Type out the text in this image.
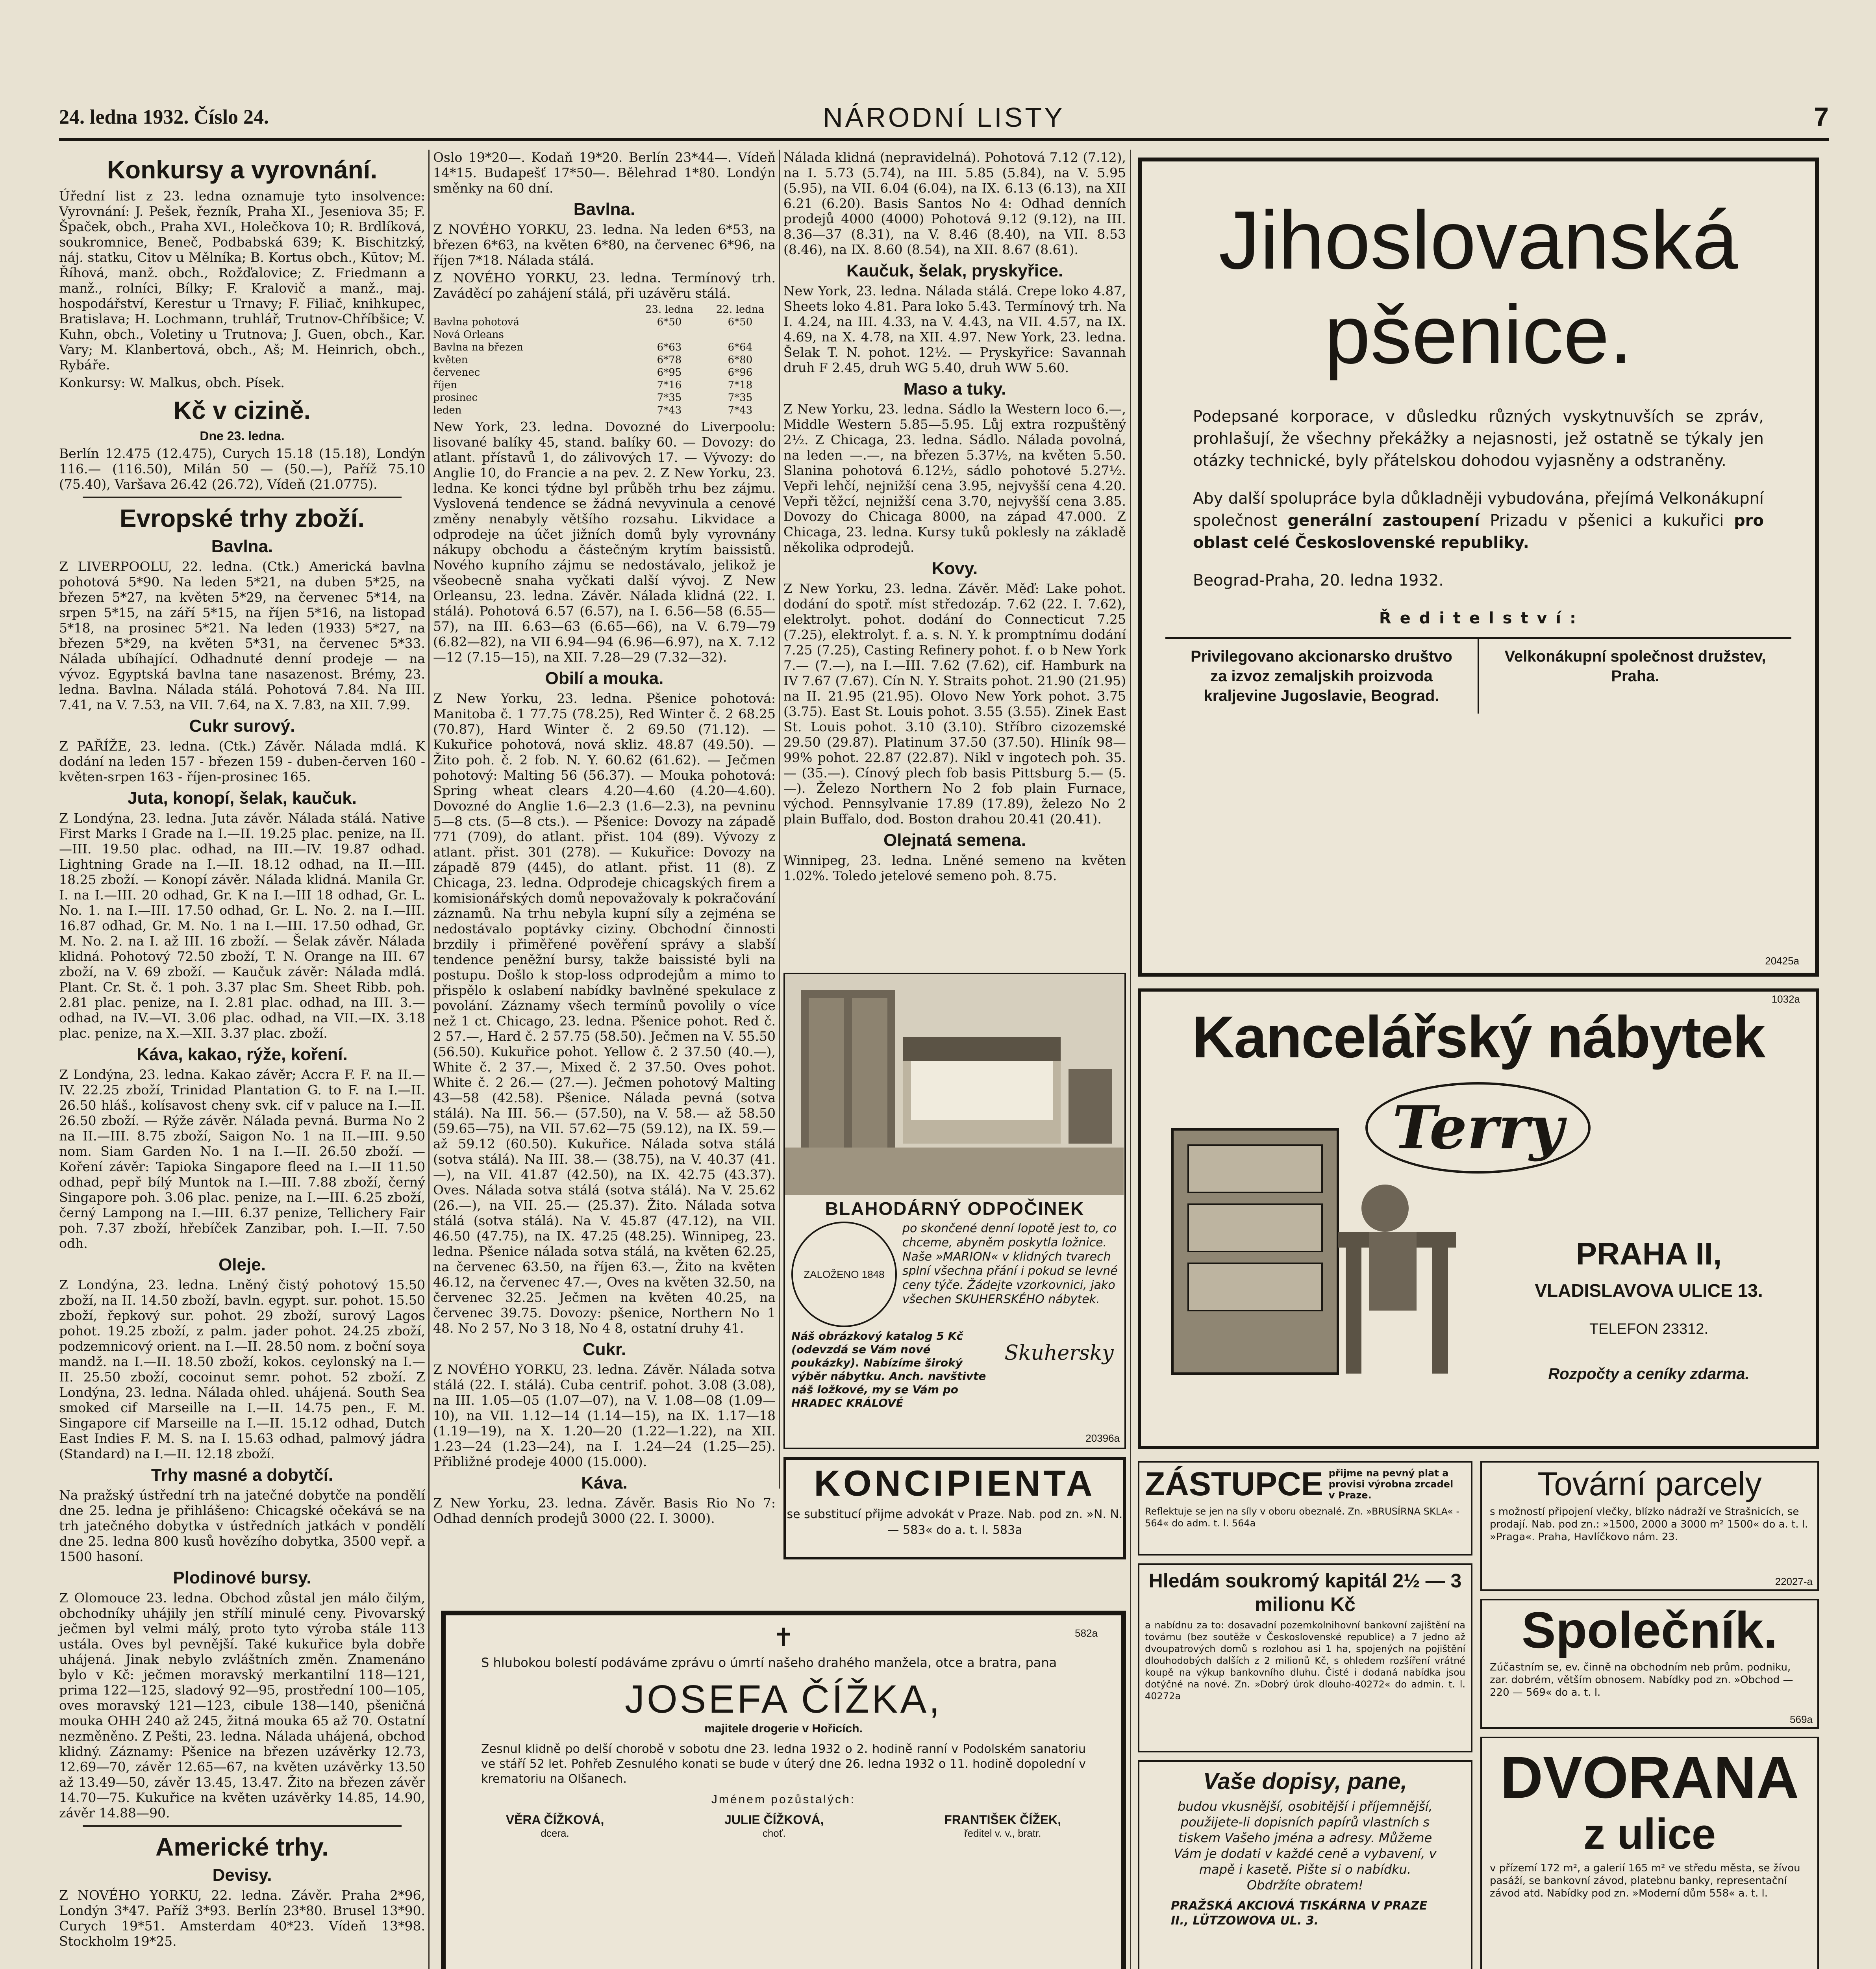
24. ledna 1932. Číslo 24.	NÁRODNÍ LISTY	7
Konkursy a vyrovnání.

Úřední list z 23. ledna oznamuje tyto insolvence: Vyrovnání: J. Pešek, řezník, Praha XI., Jeseniova 35; F. Špaček, obch., Praha XVI., Holečkova 10; R. Brdlíková, soukromnice, Beneč, Podbabská 639; K. Bischitzký, náj. statku, Citov u Mělníka; B. Kortus obch., Kūtov; M. Říhová, manž. obch., Rožďalovice; Z. Friedmann a manž., rolníci, Bílky; F. Kralovič a manž., maj. hospodářství, Kerestur u Trnavy; F. Filiač, knihkupec, Bratislava; H. Lochmann, truhlář, Trutnov-Chříbšice; V. Kuhn, obch., Voletiny u Trutnova; J. Guen, obch., Kar. Vary; M. Klanbertová, obch., Aš; M. Heinrich, obch., Rybáře.

Konkursy: W. Malkus, obch. Písek.

Kč v cizině.
Dne 23. ledna.

Berlín 12.475 (12.475), Curych 15.18 (15.18), Londýn 116.— (116.50), Milán 50 — (50.—), Paříž 75.10 (75.40), Varšava 26.42 (26.72), Vídeň (21.0775).

Evropské trhy zboží.
Bavlna.

Z LIVERPOOLU, 22. ledna. (Ctk.) Americká bavlna pohotová 5*90. Na leden 5*21, na duben 5*25, na březen 5*27, na květen 5*29, na červenec 5*14, na srpen 5*15, na září 5*15, na říjen 5*16, na listopad 5*18, na prosinec 5*21. Na leden (1933) 5*27, na březen 5*29, na květen 5*31, na červenec 5*33. Nálada ubíhající. Odhadnuté denní prodeje — na vývoz. Egyptská bavlna tane nasazenost. Brémy, 23. ledna. Bavlna. Nálada stálá. Pohotová 7.84. Na III. 7.41, na V. 7.53, na VII. 7.64, na X. 7.83, na XII. 7.99.

Cukr surový.

Z PAŘÍŽE, 23. ledna. (Ctk.) Závěr. Nálada mdlá. K dodání na leden 157 - březen 159 - duben-červen 160 - květen-srpen 163 - říjen-prosinec 165.

Juta, konopí, šelak, kaučuk.

Z Londýna, 23. ledna. Juta závěr. Nálada stálá. Native First Marks I Grade na I.—II. 19.25 plac. penize, na II.—III. 19.50 plac. odhad, na III.—IV. 19.87 odhad. Lightning Grade na I.—II. 18.12 odhad, na II.—III. 18.25 zboží. — Konopí závěr. Nálada klidná. Manila Gr. I. na I.—III. 20 odhad, Gr. K na I.—III 18 odhad, Gr. L. No. 1. na I.—III. 17.50 odhad, Gr. L. No. 2. na I.—III. 16.87 odhad, Gr. M. No. 1 na I.—III. 17.50 odhad, Gr. M. No. 2. na I. až III. 16 zboží. — Šelak závěr. Nálada klidná. Pohotový 72.50 zboží, T. N. Orange na III. 67 zboží, na V. 69 zboží. — Kaučuk závěr: Nálada mdlá. Plant. Cr. St. č. 1 poh. 3.37 plac Sm. Sheet Ribb. poh. 2.81 plac. penize, na I. 2.81 plac. odhad, na III. 3.— odhad, na IV.—VI. 3.06 plac. odhad, na VII.—IX. 3.18 plac. penize, na X.—XII. 3.37 plac. zboží.

Káva, kakao, rýže, koření.

Z Londýna, 23. ledna. Kakao závěr; Accra F. F. na II.—IV. 22.25 zboží, Trinidad Plantation G. to F. na I.—II. 26.50 hláš., kolísavost cheny svk. cif v paluce na I.—II. 26.50 zboží. — Rýže závěr. Nálada pevná. Burma No 2 na II.—III. 8.75 zboží, Saigon No. 1 na II.—III. 9.50 nom. Siam Garden No. 1 na I.—II. 26.50 zboží. — Koření závěr: Tapioka Singapore fleed na I.—II 11.50 odhad, pepř bílý Muntok na I.—III. 7.88 zboží, černý Singapore poh. 3.06 plac. penize, na I.—III. 6.25 zboží, černý Lampong na I.—III. 6.37 penize, Tellichery Fair poh. 7.37 zboží, hřebíček Zanzibar, poh. I.—II. 7.50 odh.

Oleje.

Z Londýna, 23. ledna. Lněný čistý pohotový 15.50 zboží, na II. 14.50 zboží, bavln. egypt. sur. pohot. 15.50 zboží, řepkový sur. pohot. 29 zboží, surový Lagos pohot. 19.25 zboží, z palm. jader pohot. 24.25 zboží, podzemnicový orient. na I.—II. 28.50 nom. z boční soya mandž. na I.—II. 18.50 zboží, kokos. ceylonský na I.—II. 25.50 zboží, cocoinut semr. pohot. 52 zboží. Z Londýna, 23. ledna. Nálada ohled. uhájená. South Sea smoked cif Marseille na I.—II. 14.75 pen., F. M. Singapore cif Marseille na I.—II. 15.12 odhad, Dutch East Indies F. M. S. na I. 15.63 odhad, palmový jádra (Standard) na I.—II. 12.18 zboží.

Trhy masné a dobytčí.

Na pražský ústřední trh na jatečné dobytče na pondělí dne 25. ledna je přihlášeno: Chicagské očekává se na trh jatečného dobytka v ústředních jatkách v pondělí dne 25. ledna 800 kusů hovězího dobytka, 3500 vepř. a 1500 hasoní.

Plodinové bursy.

Z Olomouce 23. ledna. Obchod zůstal jen málo čilým, obchodníky uhájily jen střílí minulé ceny. Pivovarský ječmen byl velmi málý, proto tyto výroba stále 113 ustála. Oves byl pevnější. Také kukuřice byla dobře uhájená. Jinak nebylo zvláštních změn. Znamenáno bylo v Kč: ječmen moravský merkantilní 118—121, prima 122—125, sladový 92—95, prostřední 100—105, oves moravský 121—123, cibule 138—140, pšeničná mouka OHH 240 až 245, žitná mouka 65 až 70. Ostatní nezměněno. Z Pešti, 23. ledna. Nálada uhájená, obchod klidný. Záznamy: Pšenice na březen uzávěrky 12.73, 12.69—70, závěr 12.65—67, na květen uzávěrky 13.50 až 13.49—50, závěr 13.45, 13.47. Žito na březen závěr 14.70—75. Kukuřice na květen uzávěrky 14.85, 14.90, závěr 14.88—90.

Americké trhy.
Devisy.

Z NOVÉHO YORKU, 22. ledna. Závěr. Praha 2*96, Londýn 3*47. Paříž 3*93. Berlín 23*80. Brusel 13*90. Curych 19*51. Amsterdam 40*23. Vídeň 13*98. Stockholm 19*25.

Oslo 19*20—. Kodaň 19*20. Berlín 23*44—. Vídeň 14*15. Budapešť 17*50—. Bělehrad 1*80. Londýn směnky na 60 dní.

Bavlna.

Z NOVÉHO YORKU, 23. ledna. Na leden 6*53, na březen 6*63, na květen 6*80, na červenec 6*96, na říjen 7*18. Nálada stálá.

Z NOVÉHO YORKU, 23. ledna. Termínový trh. Zaváděcí po zahájení stálá, při uzávěru stálá.

23. ledna	22. ledna
Bavlna pohotová	6*50	6*50
Nová Orleans
Bavlna na březen	6*63	6*64
květen	6*78	6*80
červenec	6*95	6*96
říjen	7*16	7*18
prosinec	7*35	7*35
leden	7*43	7*43

New York, 23. ledna. Dovozné do Liverpoolu: lisované balíky 45, stand. balíky 60. — Dovozy: do atlant. přístavů 1, do zálivových 17. — Vývozy: do Anglie 10, do Francie a na pev. 2. Z New Yorku, 23. ledna. Ke konci týdne byl průběh trhu bez zájmu. Vyslovená tendence se žádná nevyvinula a cenové změny nenabyly většího rozsahu. Likvidace a odprodeje na účet jižních domů byly vyrovnány nákupy obchodu a částečným krytím baissistů. Nového kupního zájmu se nedostávalo, jelikož je všeobecně snaha vyčkati další vývoj. Z New Orleansu, 23. ledna. Závěr. Nálada klidná (22. I. stálá). Pohotová 6.57 (6.57), na I. 6.56—58 (6.55—57), na III. 6.63—63 (6.65—66), na V. 6.79—79 (6.82—82), na VII 6.94—94 (6.96—6.97), na X. 7.12—12 (7.15—15), na XII. 7.28—29 (7.32—32).

Obilí a mouka.

Z New Yorku, 23. ledna. Pšenice pohotová: Manitoba č. 1 77.75 (78.25), Red Winter č. 2 68.25 (70.87), Hard Winter č. 2 69.50 (71.12). — Kukuřice pohotová, nová skliz. 48.87 (49.50). — Žito poh. č. 2 fob. N. Y. 60.62 (61.62). — Ječmen pohotový: Malting 56 (56.37). — Mouka pohotová: Spring wheat clears 4.20—4.60 (4.20—4.60). Dovozné do Anglie 1.6—2.3 (1.6—2.3), na pevninu 5—8 cts. (5—8 cts.). — Pšenice: Dovozy na západě 771 (709), do atlant. přist. 104 (89). Vývozy z atlant. přist. 301 (278). — Kukuřice: Dovozy na západě 879 (445), do atlant. přist. 11 (8). Z Chicaga, 23. ledna. Odprodeje chicagských firem a komisionářských domů nepovažovaly k pokračování záznamů. Na trhu nebyla kupní síly a zejména se nedostávalo poptávky ciziny. Obchodní činnosti brzdily i přiměřené pověření správy a slabší tendence peněžní bursy, takže baissisté byli na postupu. Došlo k stop-loss odprodejům a mimo to přispělo k oslabení nabídky bavlněné spekulace z povolání. Záznamy všech termínů povolily o více než 1 ct. Chicago, 23. ledna. Pšenice pohot. Red č. 2 57.—, Hard č. 2 57.75 (58.50). Ječmen na V. 55.50 (56.50). Kukuřice pohot. Yellow č. 2 37.50 (40.—), White č. 2 37.—, Mixed č. 2 37.50. Oves pohot. White č. 2 26.— (27.—). Ječmen pohotový Malting 43—58 (42.58). Pšenice. Nálada pevná (sotva stálá). Na III. 56.— (57.50), na V. 58.— až 58.50 (59.65—75), na VII. 57.62—75 (59.12), na IX. 59.— až 59.12 (60.50). Kukuřice. Nálada sotva stálá (sotva stálá). Na III. 38.— (38.75), na V. 40.37 (41.—), na VII. 41.87 (42.50), na IX. 42.75 (43.37). Oves. Nálada sotva stálá (sotva stálá). Na V. 25.62 (26.—), na VII. 25.— (25.37). Žito. Nálada sotva stálá (sotva stálá). Na V. 45.87 (47.12), na VII. 46.50 (47.75), na IX. 47.25 (48.25). Winnipeg, 23. ledna. Pšenice nálada sotva stálá, na květen 62.25, na červenec 63.50, na říjen 63.—, Žito na květen 46.12, na červenec 47.—, Oves na květen 32.50, na červenec 32.25. Ječmen na květen 40.25, na červenec 39.75. Dovozy: pšenice, Northern No 1 48. No 2 57, No 3 18, No 4 8, ostatní druhy 41.

Cukr.

Z NOVÉHO YORKU, 23. ledna. Závěr. Nálada sotva stálá (22. I. stálá). Cuba centrif. pohot. 3.08 (3.08), na III. 1.05—05 (1.07—07), na V. 1.08—08 (1.09—10), na VII. 1.12—14 (1.14—15), na IX. 1.17—18 (1.19—19), na X. 1.20—20 (1.22—1.22), na XII. 1.23—24 (1.23—24), na I. 1.24—24 (1.25—25). Přibližné prodeje 4000 (15.000).

Káva.

Z New Yorku, 23. ledna. Závěr. Basis Rio No 7: Odhad denních prodejů 3000 (22. I. 3000).

Nálada klidná (nepravidelná). Pohotová 7.12 (7.12), na I. 5.73 (5.74), na III. 5.85 (5.84), na V. 5.95 (5.95), na VII. 6.04 (6.04), na IX. 6.13 (6.13), na XII 6.21 (6.20). Basis Santos No 4: Odhad denních prodejů 4000 (4000) Pohotová 9.12 (9.12), na III. 8.36—37 (8.31), na V. 8.46 (8.40), na VII. 8.53 (8.46), na IX. 8.60 (8.54), na XII. 8.67 (8.61).

Kaučuk, šelak, pryskyřice.

New York, 23. ledna. Nálada stálá. Crepe loko 4.87, Sheets loko 4.81. Para loko 5.43. Termínový trh. Na I. 4.24, na III. 4.33, na V. 4.43, na VII. 4.57, na IX. 4.69, na X. 4.78, na XII. 4.97. New York, 23. ledna. Šelak T. N. pohot. 12½. — Pryskyřice: Savannah druh F 2.45, druh WG 5.40, druh WW 5.60.

Maso a tuky.

Z New Yorku, 23. ledna. Sádlo la Western loco 6.—, Middle Western 5.85—5.95. Lůj extra rozpuštěný 2½. Z Chicaga, 23. ledna. Sádlo. Nálada povolná, na leden —.—, na březen 5.37½, na květen 5.50. Slanina pohotová 6.12½, sádlo pohotové 5.27½. Vepři lehčí, nejnižší cena 3.95, nejvyšší cena 4.20. Vepři těžcí, nejnižší cena 3.70, nejvyšší cena 3.85. Dovozy do Chicaga 8000, na západ 47.000. Z Chicaga, 23. ledna. Kursy tuků poklesly na základě několika odprodejů.

Kovy.

Z New Yorku, 23. ledna. Závěr. Měď: Lake pohot. dodání do spotř. míst středozáp. 7.62 (22. I. 7.62), elektrolyt. pohot. dodání do Connecticut 7.25 (7.25), elektrolyt. f. a. s. N. Y. k promptnímu dodání 7.25 (7.25), Casting Refinery pohot. f. o b New York 7.— (7.—), na I.—III. 7.62 (7.62), cif. Hamburk na IV 7.67 (7.67). Cín N. Y. Straits pohot. 21.90 (21.95) na II. 21.95 (21.95). Olovo New York pohot. 3.75 (3.75). East St. Louis pohot. 3.55 (3.55). Zinek East St. Louis pohot. 3.10 (3.10). Stříbro cizozemské 29.50 (29.87). Platinum 37.50 (37.50). Hliník 98—99% pohot. 22.87 (22.87). Nikl v ingotech poh. 35.— (35.—). Cínový plech fob basis Pittsburg 5.— (5.—). Železo Northern No 2 fob plain Furnace, východ. Pennsylvanie 17.89 (17.89), železo No 2 plain Buffalo, dod. Boston drahou 20.41 (20.41).

Olejnatá semena.

Winnipeg, 23. ledna. Lněné semeno na květen 1.02%. Toledo jetelové semeno poh. 8.75.

BLAHODÁRNÝ ODPOČINEK
ZALOŽENO 1848

po skončené denní lopotě jest to, co chceme, abyněm poskytla ložnice. Naše »MARION« v klidných tvarech splní všechna přání i pokud se levné ceny týče. Žádejte vzorkovnici, jako všechen SKUHERSKÉHO nábytek.

Náš obrázkový katalog 5 Kč (odevzdá se Vám nové poukázky). Nabízíme široký výběr nábytku. Anch. navštivte náš ložkové, my se Vám po HRADEC KRÁLOVÉ

Skuhersky
20396a
KONCIPIENTA

se substitucí přijme advokát v Praze. Nab. pod zn. »N. N. — 583« do a. t. l. 583a

Jihoslovanská
pšenice.

Podepsané korporace, v důsledku různých vyskytnuvších se zpráv, prohlašují, že všechny překážky a nejasnosti, jež ostatně se týkaly jen otázky technické, byly přátelskou dohodou vyjasněny a odstraněny.

Aby další spolupráce byla důkladněji vybudována, přejímá Velkonákupní společnost generální zastoupení Prizadu v pšenici a kukuřici pro oblast celé Československé republiky.

Beograd-Praha, 20. ledna 1932.

Ř e d i t e l s t v í :

Privilegovano akcionarsko društvo za izvoz zemaljskih proizvoda kraljevine Jugoslavie, Beograd.
Velkonákupní společnost družstev, Praha.
20425a
1032a
Kancelářský nábytek
Terry
PRAHA II,
VLADISLAVOVA ULICE 13.
TELEFON 23312.
Rozpočty a ceníky zdarma.
ZÁSTUPCE přijme na pevný plat a provisi výrobna zrcadel v Praze.

Reflektuje se jen na síly v oboru obeznalé. Zn. »BRUSÍRNA SKLA« - 564« do adm. t. l. 564a

Tovární parcely

s možností připojení vlečky, blízko nádraží ve Strašnicích, se prodají. Nab. pod zn.: »1500, 2000 a 3000 m² 1500« do a. t. l. »Praga«. Praha, Havlíčkovo nám. 23.

22027-a
Hledám soukromý kapitál 2½ — 3 milionu Kč

a nabídnu za to: dosavadní pozemkolnihovní bankovní zajištění na továrnu (bez soutěže v Československé republice) a 7 jedno až dvoupatrových domů s rozlohou asi 1 ha, spojených na pojištění dlouhodobých dalších z 2 milionů Kč, s ohledem rozšíření vrátné koupě na výkup bankovního dluhu. Čisté i dodaná nabídka jsou dotýčné na nové. Zn. »Dobrý úrok dlouho-40272« do admin. t. l. 40272a

Společník.

Zúčastním se, ev. činně na obchodním neb prům. podniku, zar. dobrém, větším obnosem. Nabídky pod zn. »Obchod — 220 — 569« do a. t. l.

569a
Vaše dopisy, pane,

budou vkusnější, osobitější i příjemnější, použijete-li dopisních papírů vlastních s tiskem Vašeho jména a adresy. Můžeme Vám je dodati v každé ceně a vybavení, v mapě i kasetě. Pište si o nabídku. Obdržíte obratem!

PRAŽSKÁ AKCIOVÁ TISKÁRNA V PRAZE II., LÜTZOWOVA UL. 3.

DVORANA
z ulice

v přízemí 172 m², a galerií 165 m² ve středu města, se žívou pasáží, se bankovní závod, platebnu banky, representační závod atd. Nabídky pod zn. »Moderní dům 558« a. t. l.

✝

S hlubokou bolestí podáváme zprávu o úmrtí našeho drahého manžela, otce a bratra, pana

JOSEFA ČÍŽKA,
majitele drogerie v Hořicích.

Zesnul klidně po delší chorobě v sobotu dne 23. ledna 1932 o 2. hodině ranní v Podolském sanatoriu ve stáří 52 let. Pohřeb Zesnulého konati se bude v úterý dne 26. ledna 1932 o 11. hodině dopolední v krematoriu na Olšanech.

Jménem pozůstalých:
VĚRA ČÍŽKOVÁ,
dcera.
JULIE ČÍŽKOVÁ,
choť.
FRANTIŠEK ČÍŽEK,
ředitel v. v., bratr.
582a
